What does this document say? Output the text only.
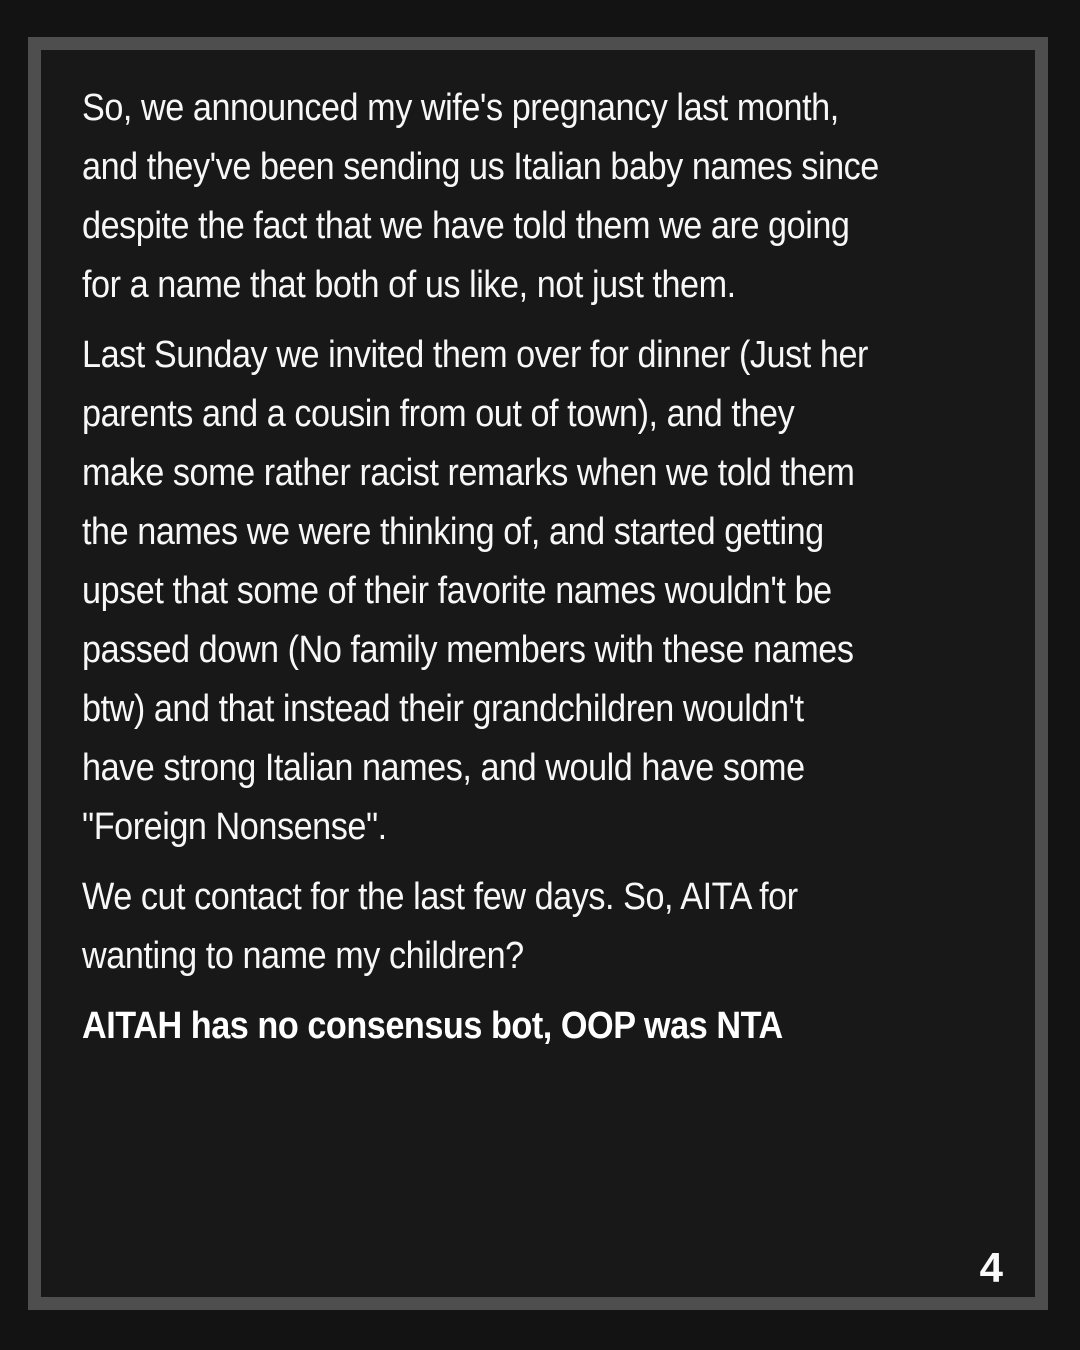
So, we announced my wife's pregnancy last month,
and they've been sending us Italian baby names since
despite the fact that we have told them we are going
for a name that both of us like, not just them.
Last Sunday we invited them over for dinner (Just her
parents and a cousin from out of town), and they
make some rather racist remarks when we told them
the names we were thinking of, and started getting
upset that some of their favorite names wouldn't be
passed down (No family members with these names
btw) and that instead their grandchildren wouldn't
have strong Italian names, and would have some
"Foreign Nonsense".
We cut contact for the last few days. So, AITA for
wanting to name my children?
AITAH has no consensus bot, OOP was NTA
4
